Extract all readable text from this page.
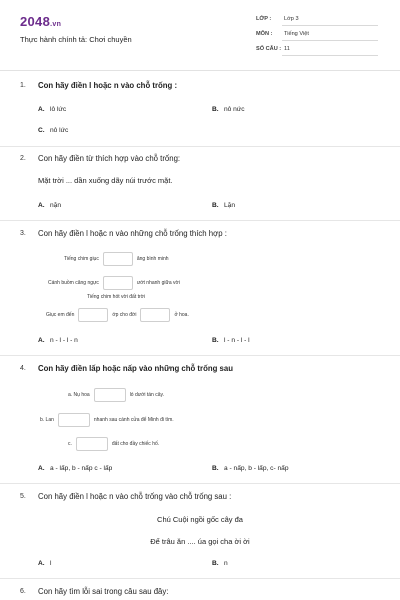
2048.vn
Thực hành chính tả: Chơi chuyền
LỚP : Lớp 3
MÔN : Tiếng Việt
SỐ CÂU : 11
1. Con hãy điền l hoặc n vào chỗ trống :
A. lô lức	B. nô nức
C. nô lức
2. Con hãy điền từ thích hợp vào chỗ trống:
Mặt trời ... dần xuống dãy núi trước mặt.
A. nặn	B. Lặn
3. Con hãy điền l hoặc n vào những chỗ trống thích hợp :
Tiếng chim giục	ăng bình minh
Cánh buồm căng ngực	ướt nhanh giữa vời
Tiếng chim hót vời đất trời
Giục em đến	ớp cho đời	ở hoa.
A. n - l - l - n	B. l - n - l - l
4. Con hãy điền lấp hoặc nấp vào những chỗ trống sau
a. Nụ hoa	ló dưới tán cây.
b. Lan	nhanh sau cánh cửa để Minh đi tìm.
c.	đất cho đầy chiếc hố.
A. a - lấp, b - nấp c - lấp	B. a - nấp, b - lấp, c- nấp
5. Con hãy điền l hoặc n vào chỗ trống vào chỗ trống sau :
Chú Cuội ngồi gốc cây đa
Để trâu ăn .... úa gọi cha ời ời
A. l	B. n
6. Con hãy tìm lỗi sai trong câu sau đây:
